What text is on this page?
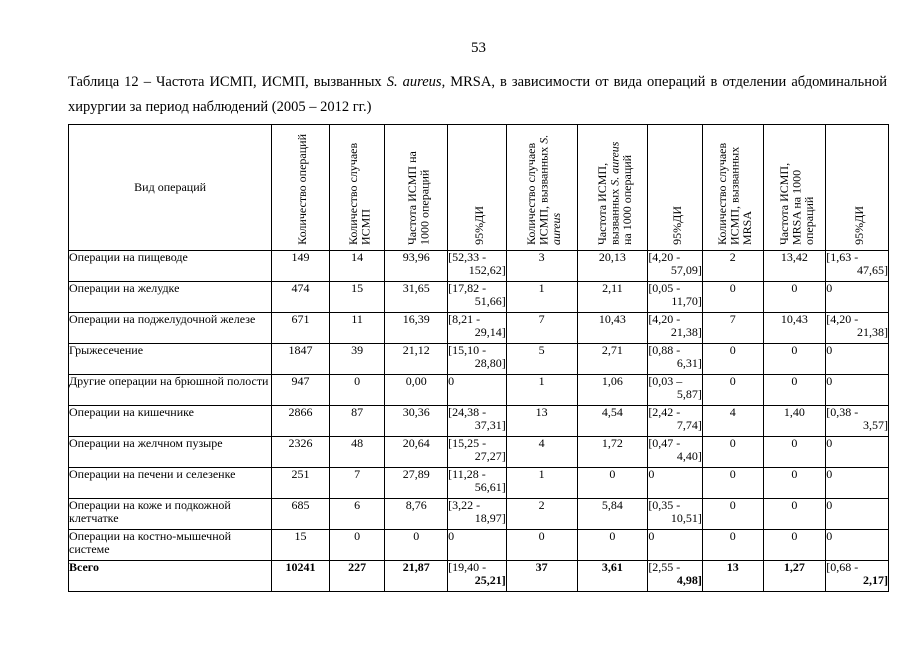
53
Таблица 12 – Частота ИСМП, ИСМП, вызванных S. aureus, MRSA, в зависимости от вида операций в отделении абдоминальной хирургии за период наблюдений (2005 – 2012 гг.)
Вид операций	Количество операций	Количество случаев ИСМП	Частота ИСМП на 1000 операций	95%ДИ	Количество случаев ИСМП, вызванных S. aureus	Частота ИСМП, вызванных S. aureus на 1000 операций	95%ДИ	Количество случаев ИСМП, вызванных MRSA	Частота ИСМП, MRSA на 1000 операций	95%ДИ
Операции на пищеводе	149	14	93,96	[52,33 -
152,62]	3	20,13	[4,20 -
57,09]	2	13,42	[1,63 -
47,65]

Операции на желудке	474	15	31,65	[17,82 -
51,66]	1	2,11	[0,05 -
11,70]	0	0	0

Операции на поджелудочной железе	671	11	16,39	[8,21 -
29,14]	7	10,43	[4,20 -
21,38]	7	10,43	[4,20 -
21,38]

Грыжесечение	1847	39	21,12	[15,10 -
28,80]	5	2,71	[0,88 -
6,31]	0	0	0

Другие операции на брюшной полости	947	0	0,00	0	1	1,06	[0,03 –
5,87]	0	0	0

Операции на кишечнике	2866	87	30,36	[24,38 -
37,31]	13	4,54	[2,42 -
7,74]	4	1,40	[0,38 -
3,57]

Операции на желчном пузыре	2326	48	20,64	[15,25 -
27,27]	4	1,72	[0,47 -
4,40]	0	0	0

Операции на печени и селезенке	251	7	27,89	[11,28 -
56,61]	1	0	0	0	0	0

Операции на коже и подкожной клетчатке	685	6	8,76	[3,22 -
18,97]	2	5,84	[0,35 -
10,51]	0	0	0

Операции на костно-мышечной системе	15	0	0	0	0	0	0	0	0	0

Всего	10241	227	21,87	[19,40 -
25,21]	37	3,61	[2,55 -
4,98]	13	1,27	[0,68 -
2,17]
